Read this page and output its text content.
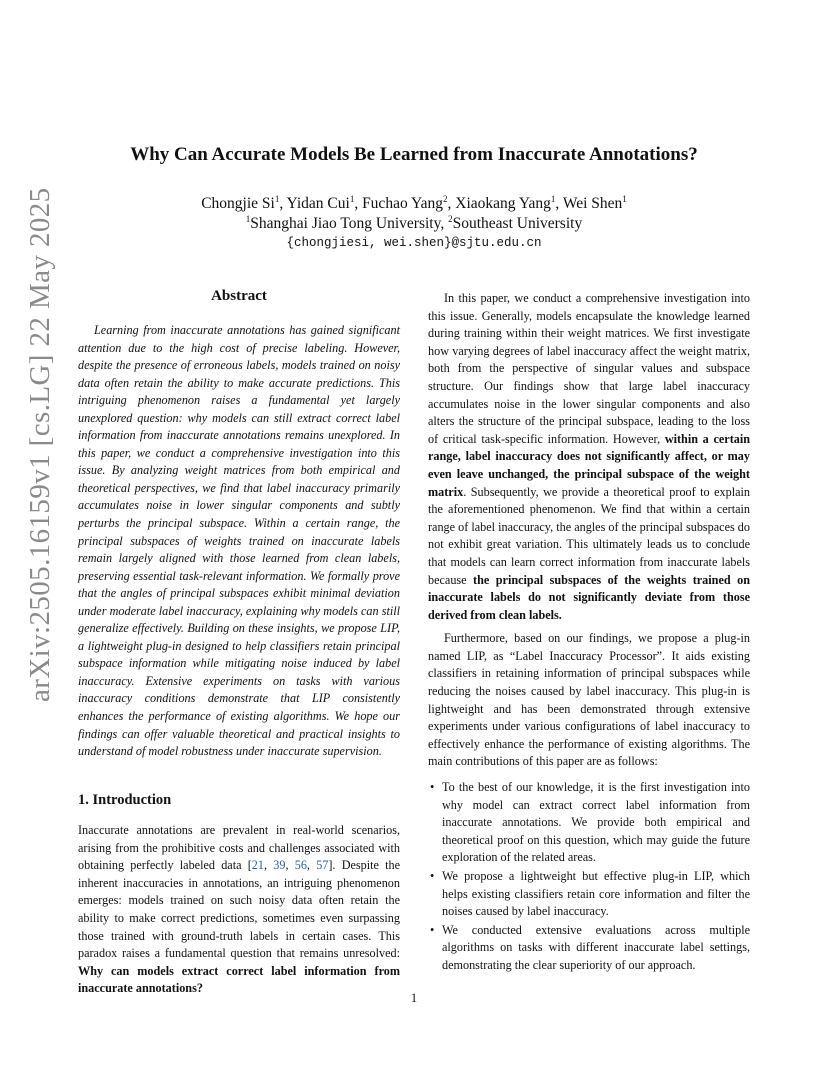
arXiv:2505.16159v1 [cs.LG] 22 May 2025
Why Can Accurate Models Be Learned from Inaccurate Annotations?
Chongjie Si$^1$, Yidan Cui$^1$, Fuchao Yang$^2$, Xiaokang Yang$^1$, Wei Shen$^1$
$^1$Shanghai Jiao Tong University, $^2$Southeast University
{chongjiesi, wei.shen}@sjtu.edu.cn
Abstract

Learning from inaccurate annotations has gained significant attention due to the high cost of precise labeling. However, despite the presence of erroneous labels, models trained on noisy data often retain the ability to make accurate predictions. This intriguing phenomenon raises a fundamental yet largely unexplored question: why models can still extract correct label information from inaccurate annotations remains unexplored. In this paper, we conduct a comprehensive investigation into this issue. By analyzing weight matrices from both empirical and theoretical perspectives, we find that label inaccuracy primarily accumulates noise in lower singular components and subtly perturbs the principal subspace. Within a certain range, the principal subspaces of weights trained on inaccurate labels remain largely aligned with those learned from clean labels, preserving essential task-relevant information. We formally prove that the angles of principal subspaces exhibit minimal deviation under moderate label inaccuracy, explaining why models can still generalize effectively. Building on these insights, we propose LIP, a lightweight plug-in designed to help classifiers retain principal subspace information while mitigating noise induced by label inaccuracy. Extensive experiments on tasks with various inaccuracy conditions demonstrate that LIP consistently enhances the performance of existing algorithms. We hope our findings can offer valuable theoretical and practical insights to understand of model robustness under inaccurate supervision.

1. Introduction

Inaccurate annotations are prevalent in real-world scenarios, arising from the prohibitive costs and challenges associated with obtaining perfectly labeled data [21, 39, 56, 57]. Despite the inherent inaccuracies in annotations, an intriguing phenomenon emerges: models trained on such noisy data often retain the ability to make correct predictions, sometimes even surpassing those trained with ground-truth labels in certain cases. This paradox raises a fundamental question that remains unresolved: Why can models extract correct label information from inaccurate annotations?

In this paper, we conduct a comprehensive investigation into this issue. Generally, models encapsulate the knowledge learned during training within their weight matrices. We first investigate how varying degrees of label inaccuracy affect the weight matrix, both from the perspective of singular values and subspace structure. Our findings show that large label inaccuracy accumulates noise in the lower singular components and also alters the structure of the principal subspace, leading to the loss of critical task-specific information. However, within a certain range, label inaccuracy does not significantly affect, or may even leave unchanged, the principal subspace of the weight matrix. Subsequently, we provide a theoretical proof to explain the aforementioned phenomenon. We find that within a certain range of label inaccuracy, the angles of the principal subspaces do not exhibit great variation. This ultimately leads us to conclude that models can learn correct information from inaccurate labels because the principal subspaces of the weights trained on inaccurate labels do not significantly deviate from those derived from clean labels.

Furthermore, based on our findings, we propose a plug-in named LIP, as “Label Inaccuracy Processor”. It aids existing classifiers in retaining information of principal subspaces while reducing the noises caused by label inaccuracy. This plug-in is lightweight and has been demonstrated through extensive experiments under various configurations of label inaccuracy to effectively enhance the performance of existing algorithms. The main contributions of this paper are as follows:

• To the best of our knowledge, it is the first investigation into why model can extract correct label information from inaccurate annotations. We provide both empirical and theoretical proof on this question, which may guide the future exploration of the related areas.
• We propose a lightweight but effective plug-in LIP, which helps existing classifiers retain core information and filter the noises caused by label inaccuracy.
• We conducted extensive evaluations across multiple algorithms on tasks with different inaccurate label settings, demonstrating the clear superiority of our approach.
1
